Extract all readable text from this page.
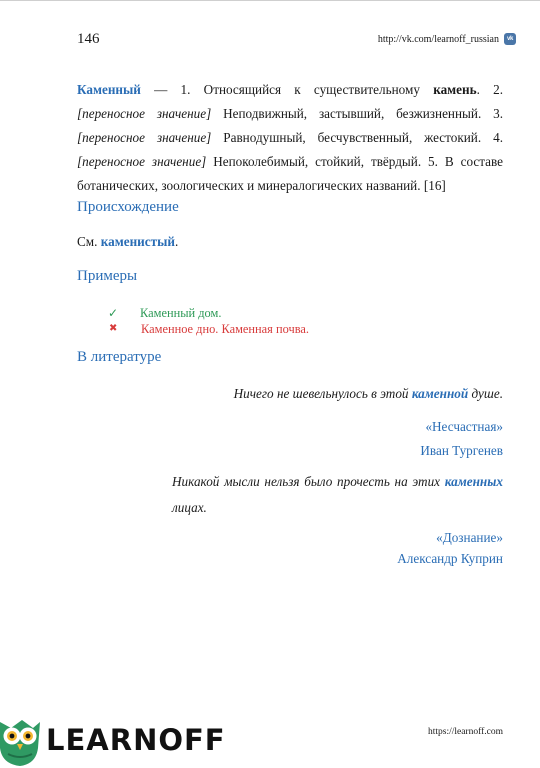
146	http://vk.com/learnoff_russian	vk
Каменный — 1. Относящийся к существительному камень. 2. [переносное значение] Неподвижный, застывший, безжизненный. 3. [переносное значение] Равнодушный, бесчувственный, жестокий. 4. [переносное значение] Непоколебимый, стойкий, твёрдый. 5. В составе ботанических, зоологических и минералогических названий. [16]
Происхождение
См. каменистый.
Примеры
✓	Каменный дом.
✖	Каменное дно. Каменная почва.
В литературе
Ничего не шевельнулось в этой каменной душе.
«Несчастная»
Иван Тургенев
Никакой мысли нельзя было прочесть на этих каменных лицах.
«Дознание»
Александр Куприн
LEARNOFF	https://learnoff.com
